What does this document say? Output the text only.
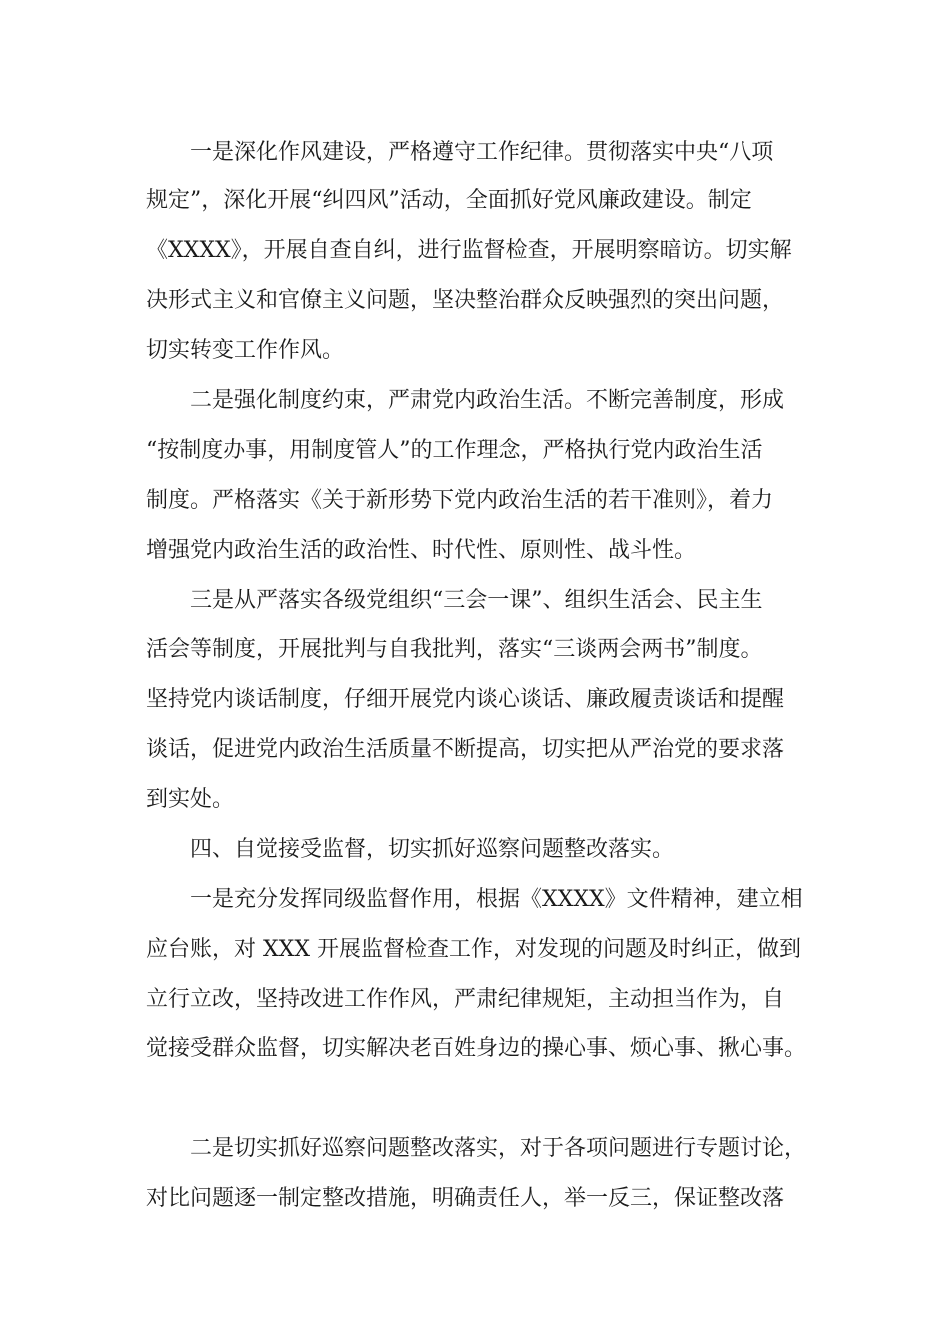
一是深化作风建设，严格遵守工作纪律。贯彻落实中央“八项

规定”，深化开展“纠四风”活动，全面抓好党风廉政建设。制定

《XXXX》，开展自查自纠，进行监督检查，开展明察暗访。切实解

决形式主义和官僚主义问题，坚决整治群众反映强烈的突出问题，

切实转变工作作风。

二是强化制度约束，严肃党内政治生活。不断完善制度，形成

“按制度办事，用制度管人”的工作理念，严格执行党内政治生活

制度。严格落实《关于新形势下党内政治生活的若干准则》，着力

增强党内政治生活的政治性、时代性、原则性、战斗性。

三是从严落实各级党组织“三会一课”、组织生活会、民主生

活会等制度，开展批判与自我批判，落实“三谈两会两书”制度。

坚持党内谈话制度，仔细开展党内谈心谈话、廉政履责谈话和提醒

谈话，促进党内政治生活质量不断提高，切实把从严治党的要求落

到实处。

四、自觉接受监督，切实抓好巡察问题整改落实。

一是充分发挥同级监督作用，根据《XXXX》文件精神，建立相

应台账，对 XXX 开展监督检查工作，对发现的问题及时纠正，做到

立行立改，坚持改进工作作风，严肃纪律规矩，主动担当作为，自

觉接受群众监督，切实解决老百姓身边的操心事、烦心事、揪心事。

二是切实抓好巡察问题整改落实，对于各项问题进行专题讨论，

对比问题逐一制定整改措施，明确责任人，举一反三，保证整改落
